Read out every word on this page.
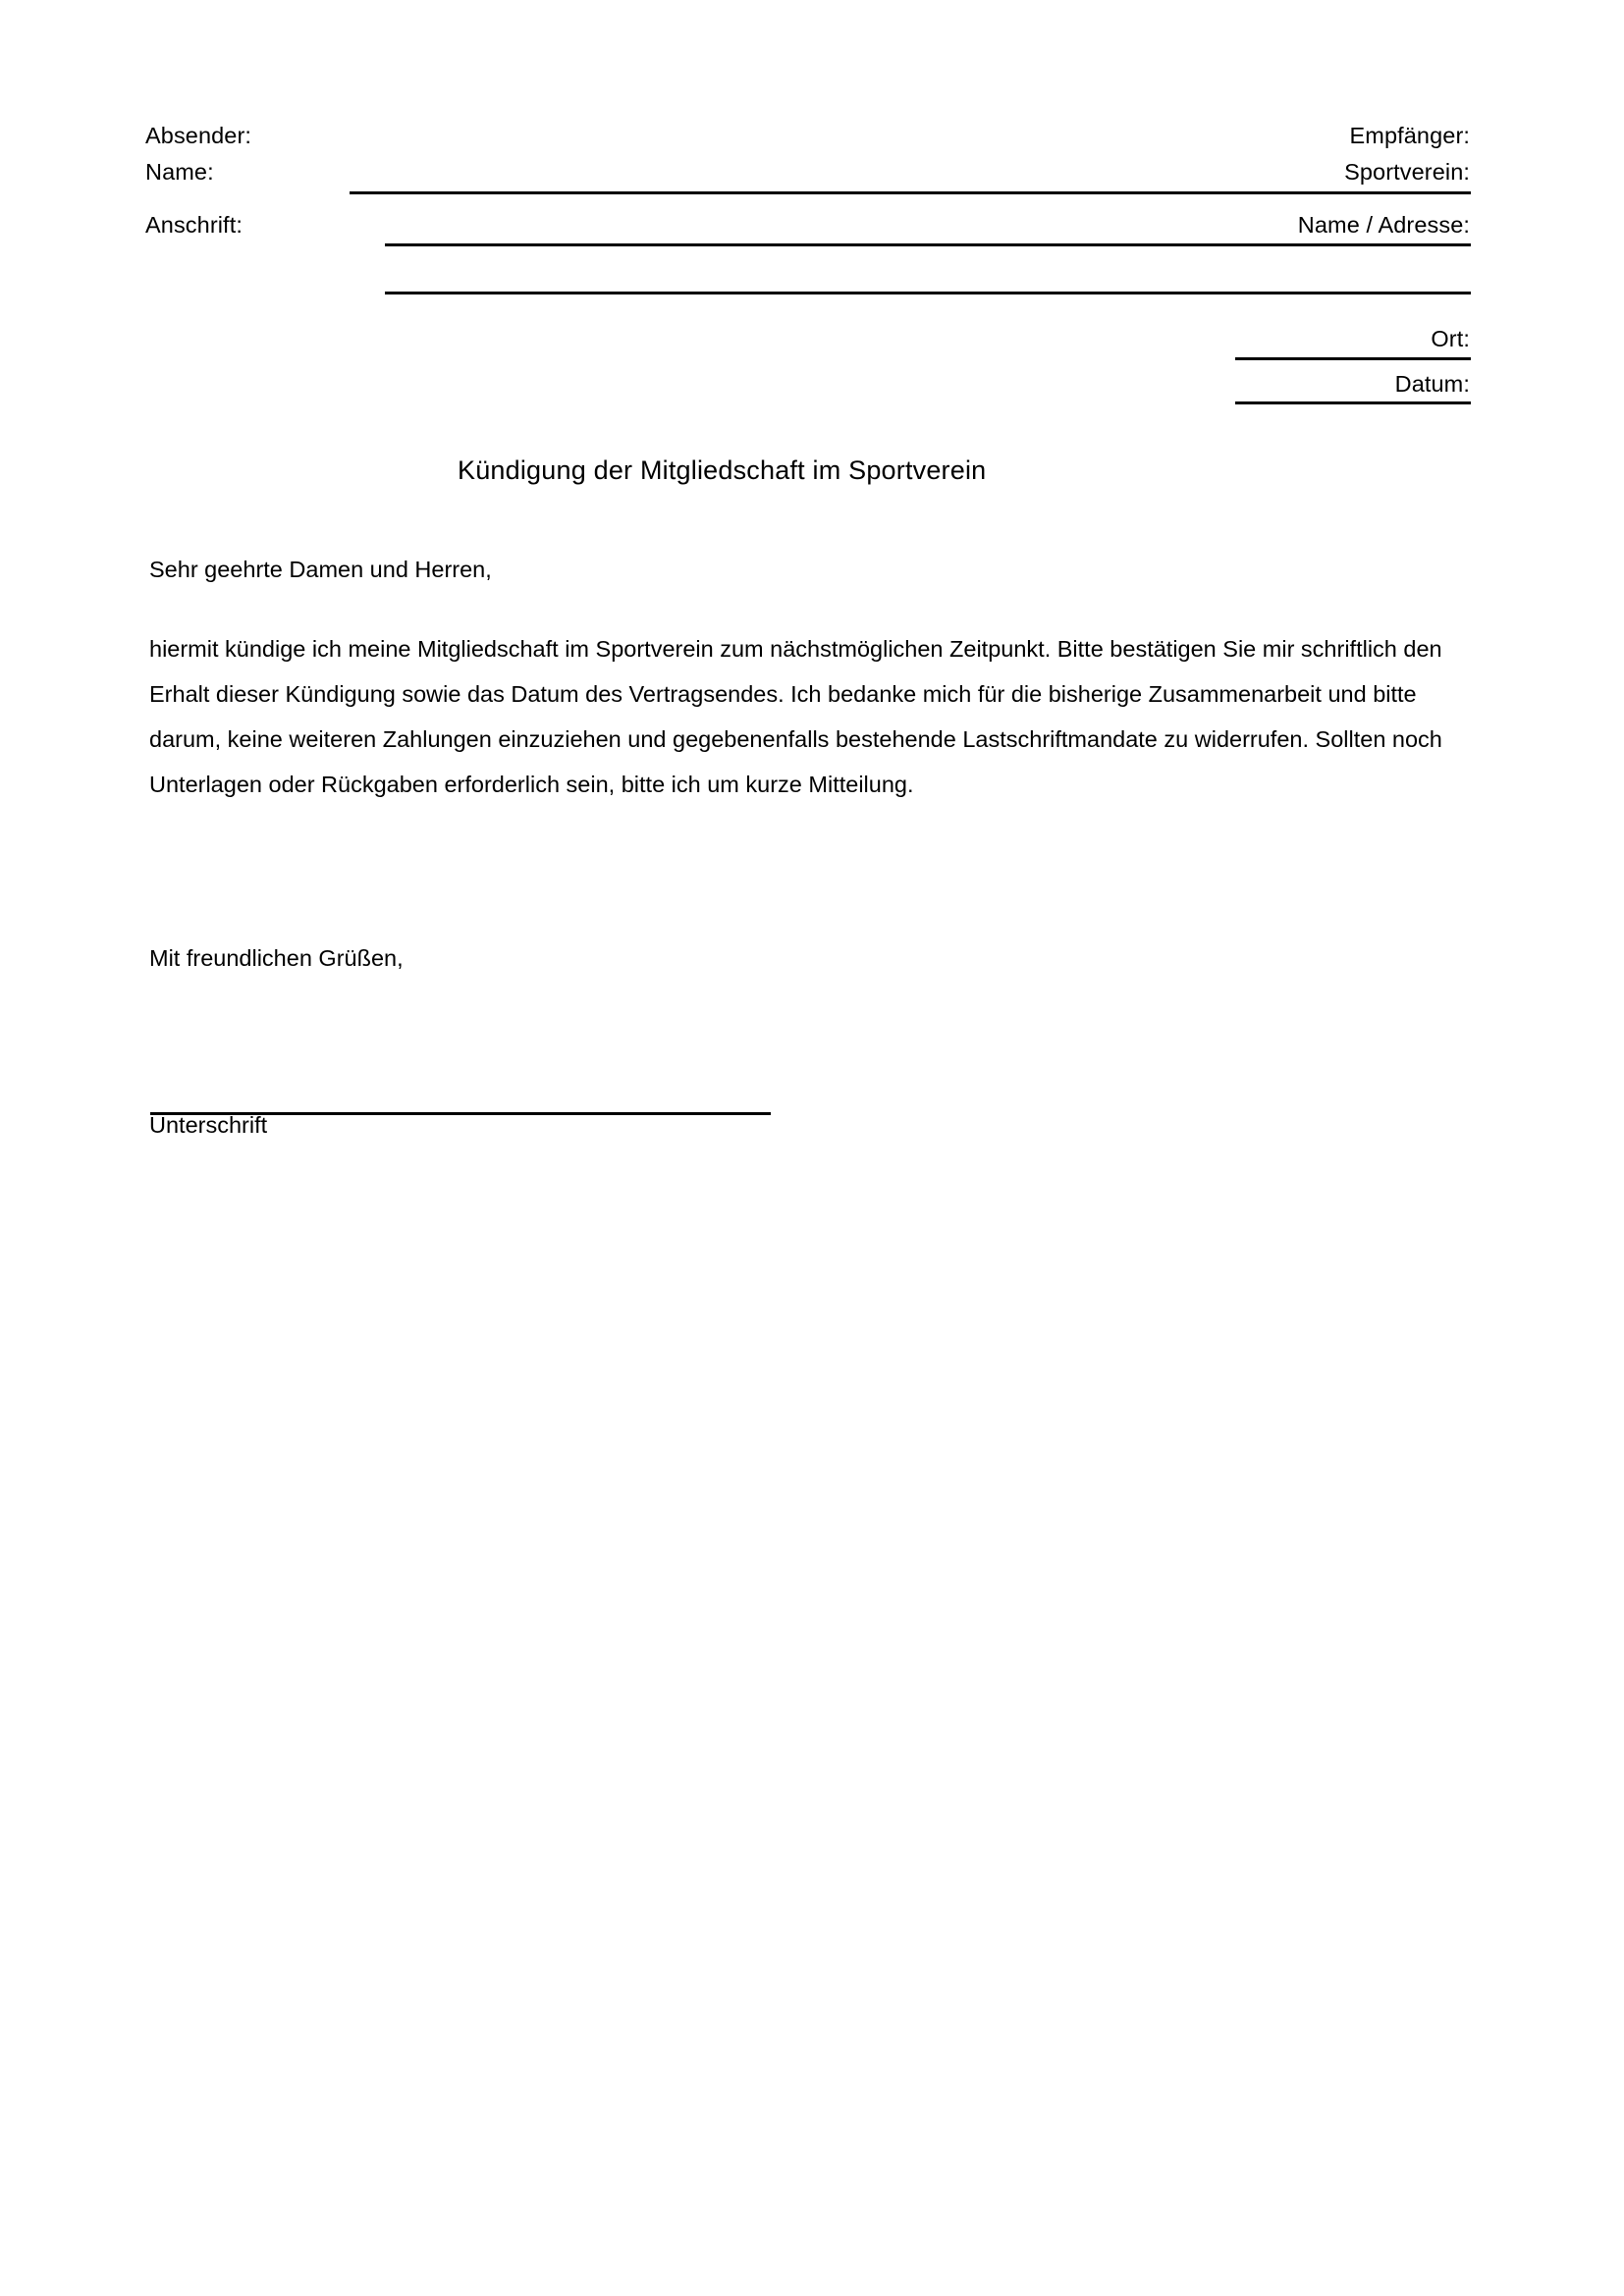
Absender:
Name:
Anschrift:
Empfänger:
Sportverein:
Name / Adresse:
Ort:
Datum:
Kündigung der Mitgliedschaft im Sportverein
Sehr geehrte Damen und Herren,
hiermit kündige ich meine Mitgliedschaft im Sportverein zum nächstmöglichen Zeitpunkt. Bitte bestätigen Sie mir schriftlich den Erhalt dieser Kündigung sowie das Datum des Vertragsendes. Ich bedanke mich für die bisherige Zusammenarbeit und bitte darum, keine weiteren Zahlungen einzuziehen und gegebenenfalls bestehende Lastschriftmandate zu widerrufen. Sollten noch Unterlagen oder Rückgaben erforderlich sein, bitte ich um kurze Mitteilung.
Mit freundlichen Grüßen,
Unterschrift
